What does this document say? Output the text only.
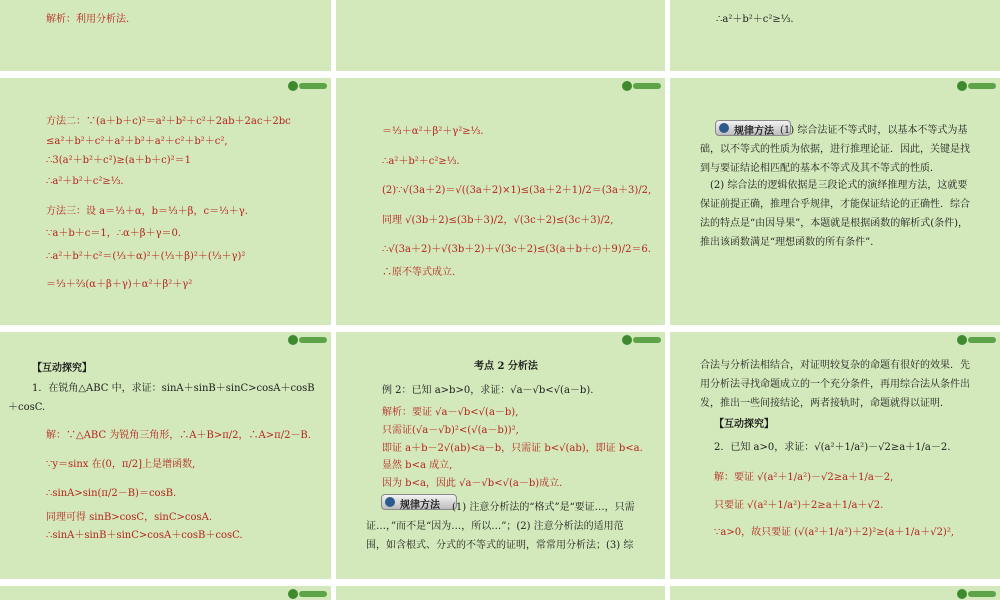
解析：利用分析法.	∴a²＋b²＋c²≥⅓.
方法二：∵(a＋b＋c)²＝a²＋b²＋c²＋2ab＋2ac＋2bc
≤a²＋b²＋c²＋a²＋b²＋a²＋c²＋b²＋c²,
∴3(a²＋b²＋c²)≥(a＋b＋c)²＝1
∴a²＋b²＋c²≥⅓.
方法三：设 a＝⅓＋α，b＝⅓＋β，c＝⅓＋γ.
∵a＋b＋c＝1，∴α＋β＋γ＝0.
∴a²＋b²＋c²＝(⅓＋α)²＋(⅓＋β)²＋(⅓＋γ)²
＝⅓＋⅔(α＋β＋γ)＋α²＋β²＋γ²
＝⅓＋α²＋β²＋γ²≥⅓.
∴a²＋b²＋c²≥⅓.
(2)∵√(3a＋2)＝√((3a＋2)×1)≤(3a＋2＋1)/2＝(3a＋3)/2,
同理 √(3b＋2)≤(3b＋3)/2，√(3c＋2)≤(3c＋3)/2,
∴√(3a＋2)＋√(3b＋2)＋√(3c＋2)≤(3(a＋b＋c)＋9)/2＝6.
∴原不等式成立.
规律方法 (1) 综合法证不等式时，以基本不等式为基础，以不等式的性质为依据，进行推理论证．因此，关键是找到与要证结论相匹配的基本不等式及其不等式的性质．
(2) 综合法的逻辑依据是三段论式的演绎推理方法，这就要保证前提正确，推理合乎规律，才能保证结论的正确性．综合法的特点是“由因导果”，本题就是根据函数的解析式(条件)，推出该函数满足“理想函数的所有条件”．
【互动探究】
1．在锐角△ABC 中，求证：sinA＋sinB＋sinC>cosA＋cosB
＋cosC.
解：∵△ABC 为锐角三角形，∴A＋B>π/2，∴A>π/2－B.
∵y＝sinx 在(0，π/2]上是增函数,
∴sinA>sin(π/2－B)＝cosB.
同理可得 sinB>cosC，sinC>cosA.
∴sinA＋sinB＋sinC>cosA＋cosB＋cosC.
考点 2 分析法
例 2：已知 a>b>0，求证：√a－√b<√(a－b).
解析：要证 √a－√b<√(a－b),
只需证(√a－√b)²<(√(a－b))²,
即证 a＋b－2√(ab)<a－b，只需证 b<√(ab)，即证 b<a.
显然 b<a 成立,
因为 b<a，因此 √a－√b<√(a－b)成立.
规律方法	(1) 注意分析法的“格式”是“要证…，只需证…，”而不是“因为…，所以…”；(2) 注意分析法的适用范围，如含根式、分式的不等式的证明，常常用分析法；(3) 综
合法与分析法相结合，对证明较复杂的命题有很好的效果．先用分析法寻找命题成立的一个充分条件，再用综合法从条件出发，推出一些间接结论，两者接轨时，命题就得以证明．
【互动探究】
2．已知 a>0，求证：√(a²＋1/a²)－√2≥a＋1/a－2.
解：要证 √(a²＋1/a²)－√2≥a＋1/a－2,
只要证 √(a²＋1/a²)＋2≥a＋1/a＋√2.
∵a>0，故只要证 (√(a²＋1/a²)＋2)²≥(a＋1/a＋√2)²,
